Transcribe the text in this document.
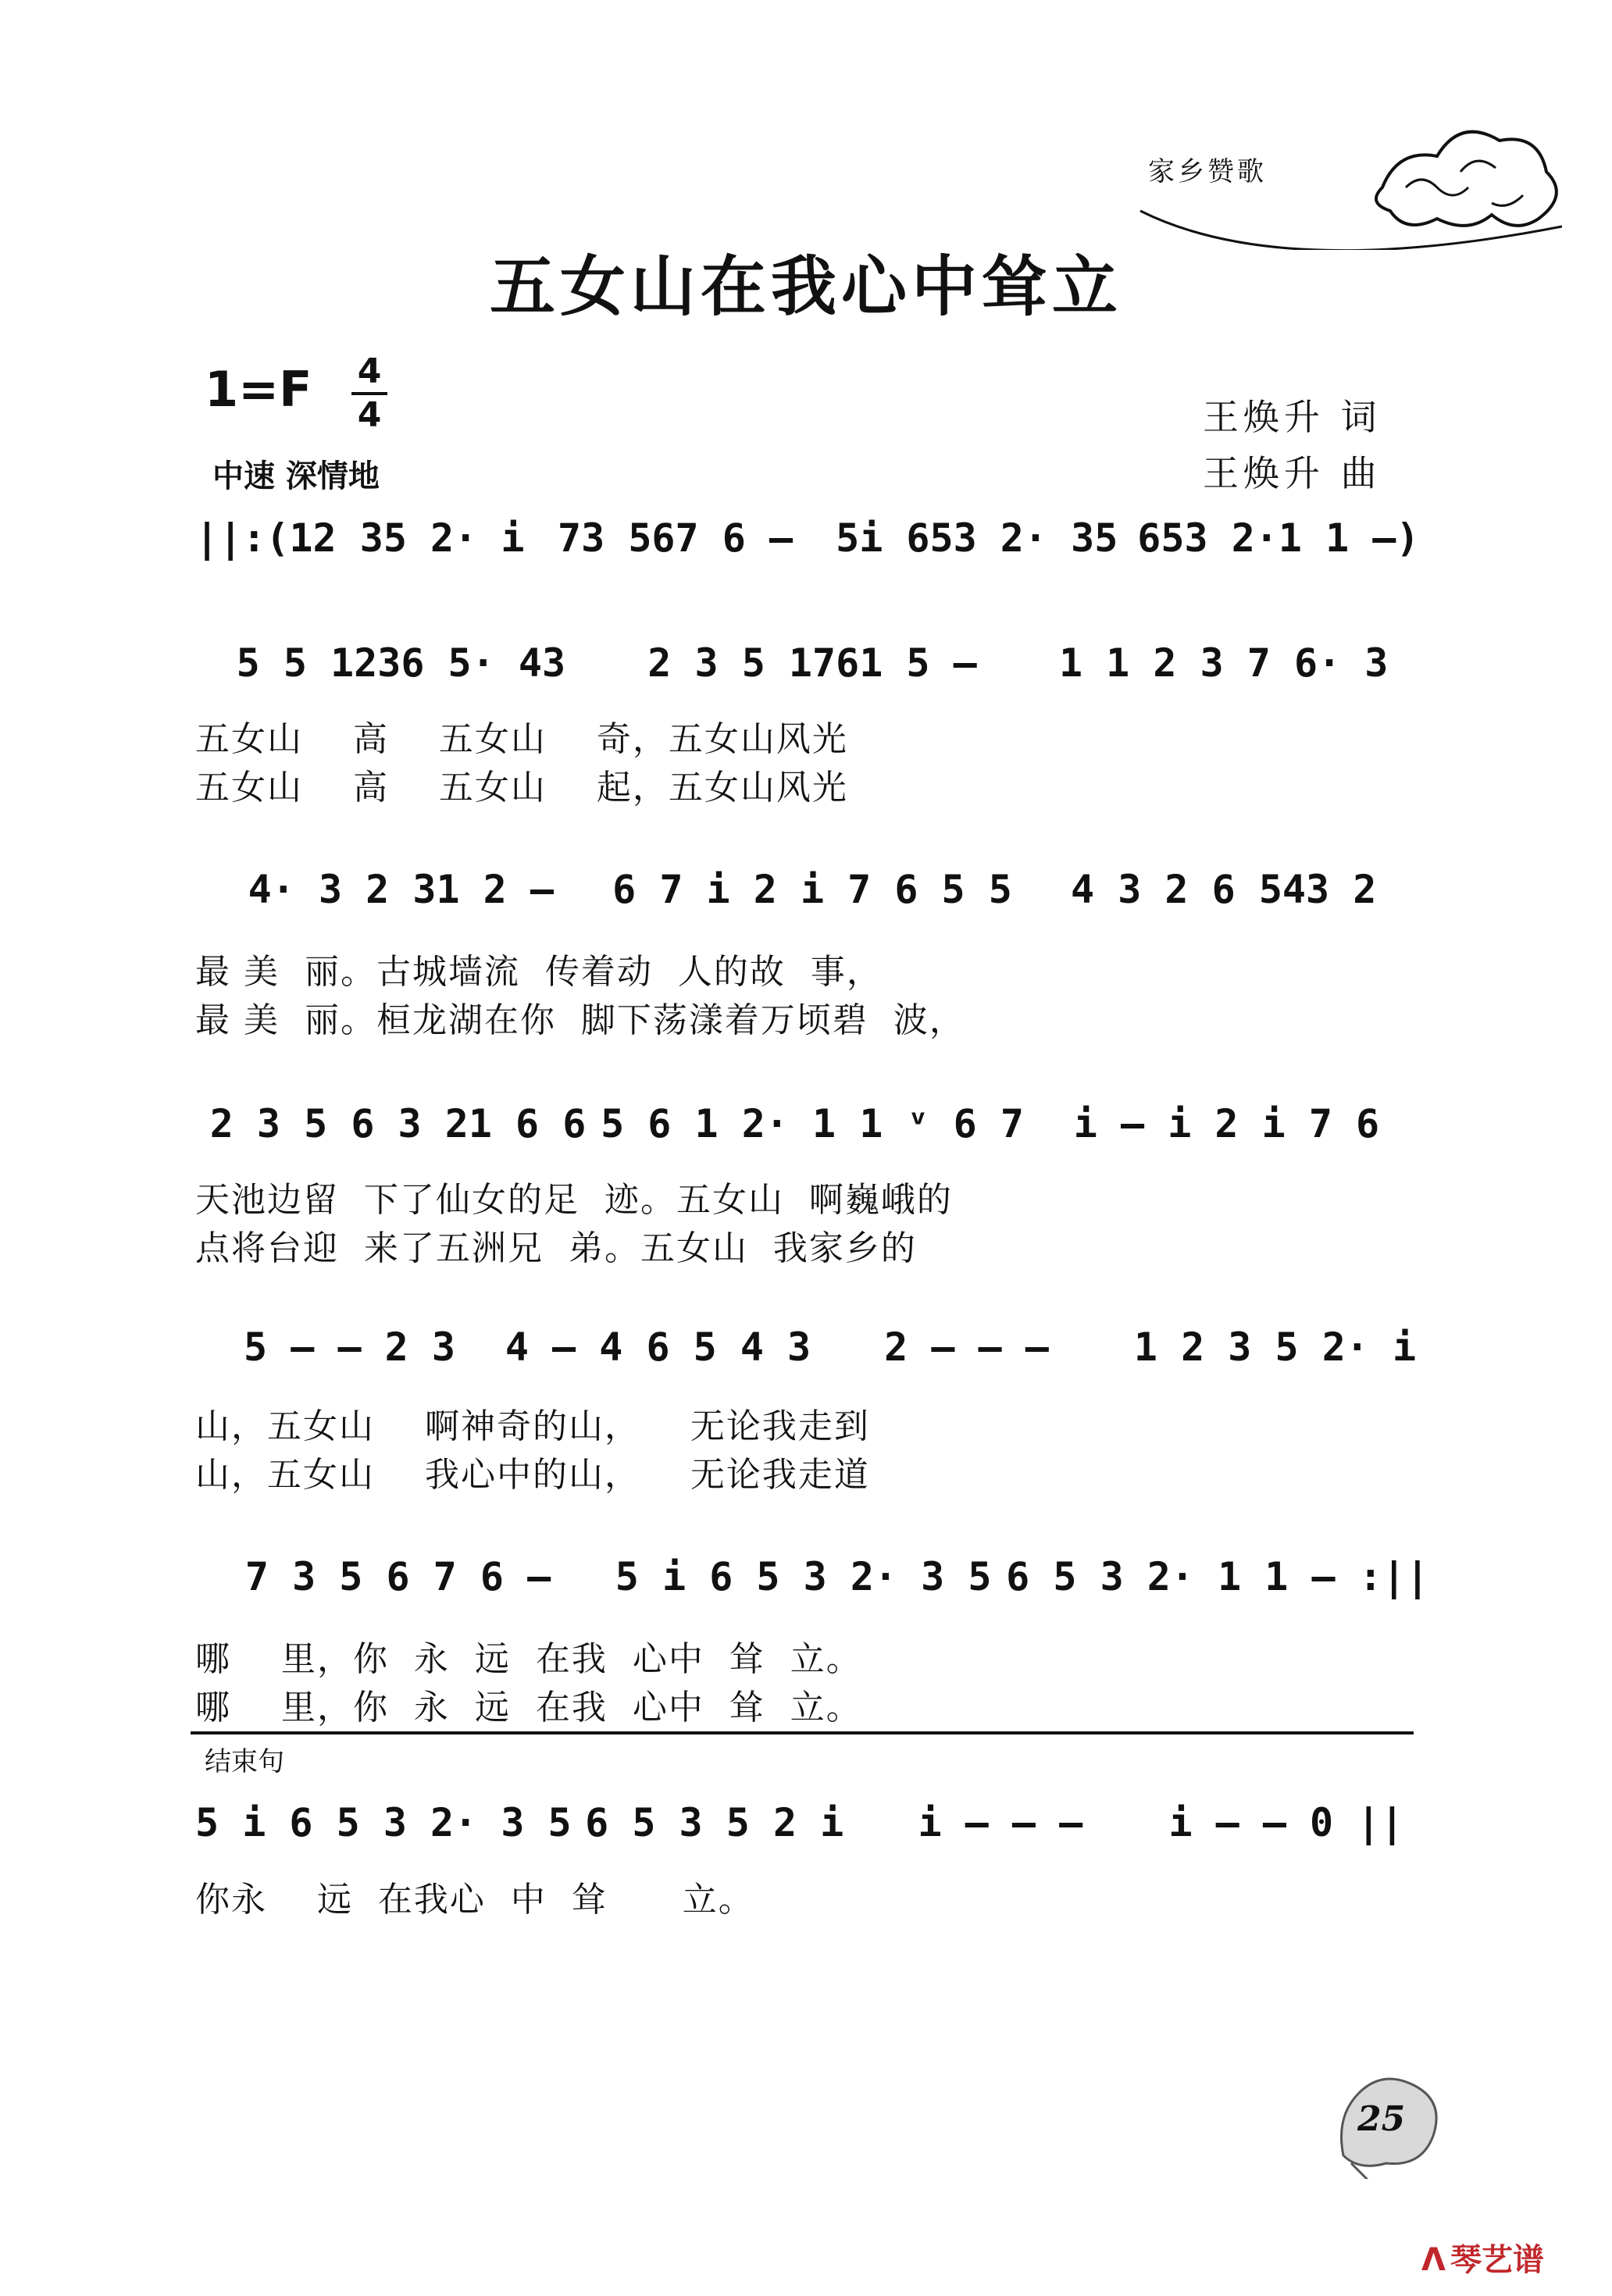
家乡赞歌
五女山在我心中耸立
1=F 4
4
中速 深情地
王焕升 词
王焕升 曲
||:(12 35 2· i 73 567 6 –	5i 653 2· 35 653 2·1 1 –)
5 5 1236 5· 43	2 3 5 1761 5 –	1 1 2 3 7 6· 3
五女山    高    五女山    奇，五女山风光
五女山    高    五女山    起，五女山风光
4· 3 2 31 2 –	6 7 i 2 i 7 6 5 5	4 3 2 6 543 2
最 美  丽。古城墙流  传着动  人的故  事，
最 美  丽。桓龙湖在你  脚下荡漾着万顷碧  波，
2 3 5 6 3 21 6 6 5 6 1 2· 1 1 ᵛ 6 7	i – i 2 i 7 6
天池边留  下了仙女的足  迹。五女山  啊巍峨的
点将台迎  来了五洲兄  弟。五女山  我家乡的
5 – – 2 3	4 – 4 6 5 4 3	2 – – –	1 2 3 5 2· i
山，五女山    啊神奇的山，    无论我走到
山，五女山    我心中的山，    无论我走道
7 3 5 6 7 6 –	5 i 6 5 3 2· 3 5 6 5 3 2· 1 1 – :||
哪    里，你  永  远  在我  心中  耸  立。
哪    里，你  永  远  在我  心中  耸  立。
结束句
5 i 6 5 3 2· 3 5 6 5 3 5 2 i	i – – –	i – – 0 ||
你永    远  在我心  中  耸      立。
25
ᐱ 琴艺谱
